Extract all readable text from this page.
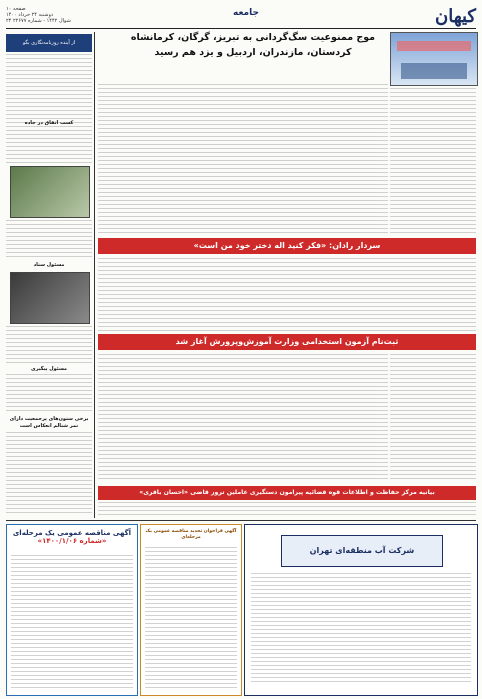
کیهان
جامعه
صفحه ۱۰
دوشنبه ۲۴ خرداد ۱۴۰۰
۲۴ شوال ۱۴۴۲ - شماره ۲۲۶۷۷
موج ممنوعیت سگ‌گردانی به تبریز، گرگان، کرمانشاه کردستان، مازندران، اردبیل و یزد هم رسید
از آینده روزنامه‌نگاری بگو
کسب اتفاق در جاده
مسئول ستاد
مسئول پیگیری
برخی ستون‌های پرجمعیت دارای نمر شنالم انعکاس است
سردار رادان: «فکر کنید اله دختر خود من است»
ثبت‌نام آزمون استخدامی وزارت آموزش‌وپرورش آغاز شد
بیانیه مرکز حفاظت و اطلاعات قوه قضائیه پیرامون دستگیری عاملین ترور قاضی «احسان باقری»
آگهی مناقصه عمومی یک مرحله‌ای
«شماره ۱۴۰۰/۱/۰۶»
آگهی فراخوان تجدید مناقصه عمومی یک مرحله‌ای
شرکت آب منطقه‌ای تهران
